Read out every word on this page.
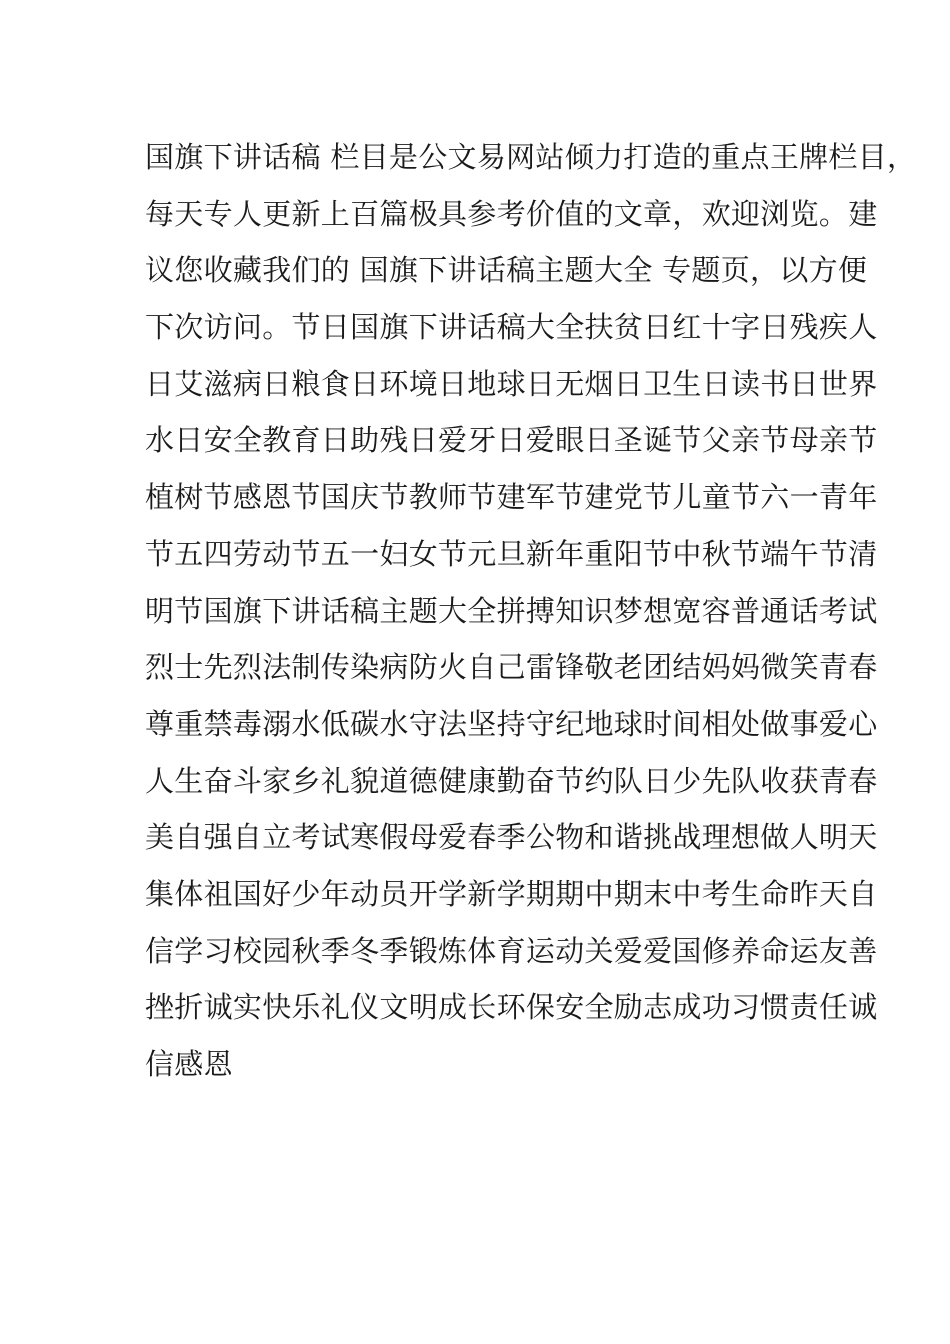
国旗下讲话稿 栏目是公文易网站倾力打造的重点王牌栏目，
每天专人更新上百篇极具参考价值的文章，欢迎浏览。建
议您收藏我们的 国旗下讲话稿主题大全 专题页，以方便
下次访问。节日国旗下讲话稿大全扶贫日红十字日残疾人
日艾滋病日粮食日环境日地球日无烟日卫生日读书日世界
水日安全教育日助残日爱牙日爱眼日圣诞节父亲节母亲节
植树节感恩节国庆节教师节建军节建党节儿童节六一青年
节五四劳动节五一妇女节元旦新年重阳节中秋节端午节清
明节国旗下讲话稿主题大全拼搏知识梦想宽容普通话考试
烈士先烈法制传染病防火自己雷锋敬老团结妈妈微笑青春
尊重禁毒溺水低碳水守法坚持守纪地球时间相处做事爱心
人生奋斗家乡礼貌道德健康勤奋节约队日少先队收获青春
美自强自立考试寒假母爱春季公物和谐挑战理想做人明天
集体祖国好少年动员开学新学期期中期末中考生命昨天自
信学习校园秋季冬季锻炼体育运动关爱爱国修养命运友善
挫折诚实快乐礼仪文明成长环保安全励志成功习惯责任诚
信感恩
